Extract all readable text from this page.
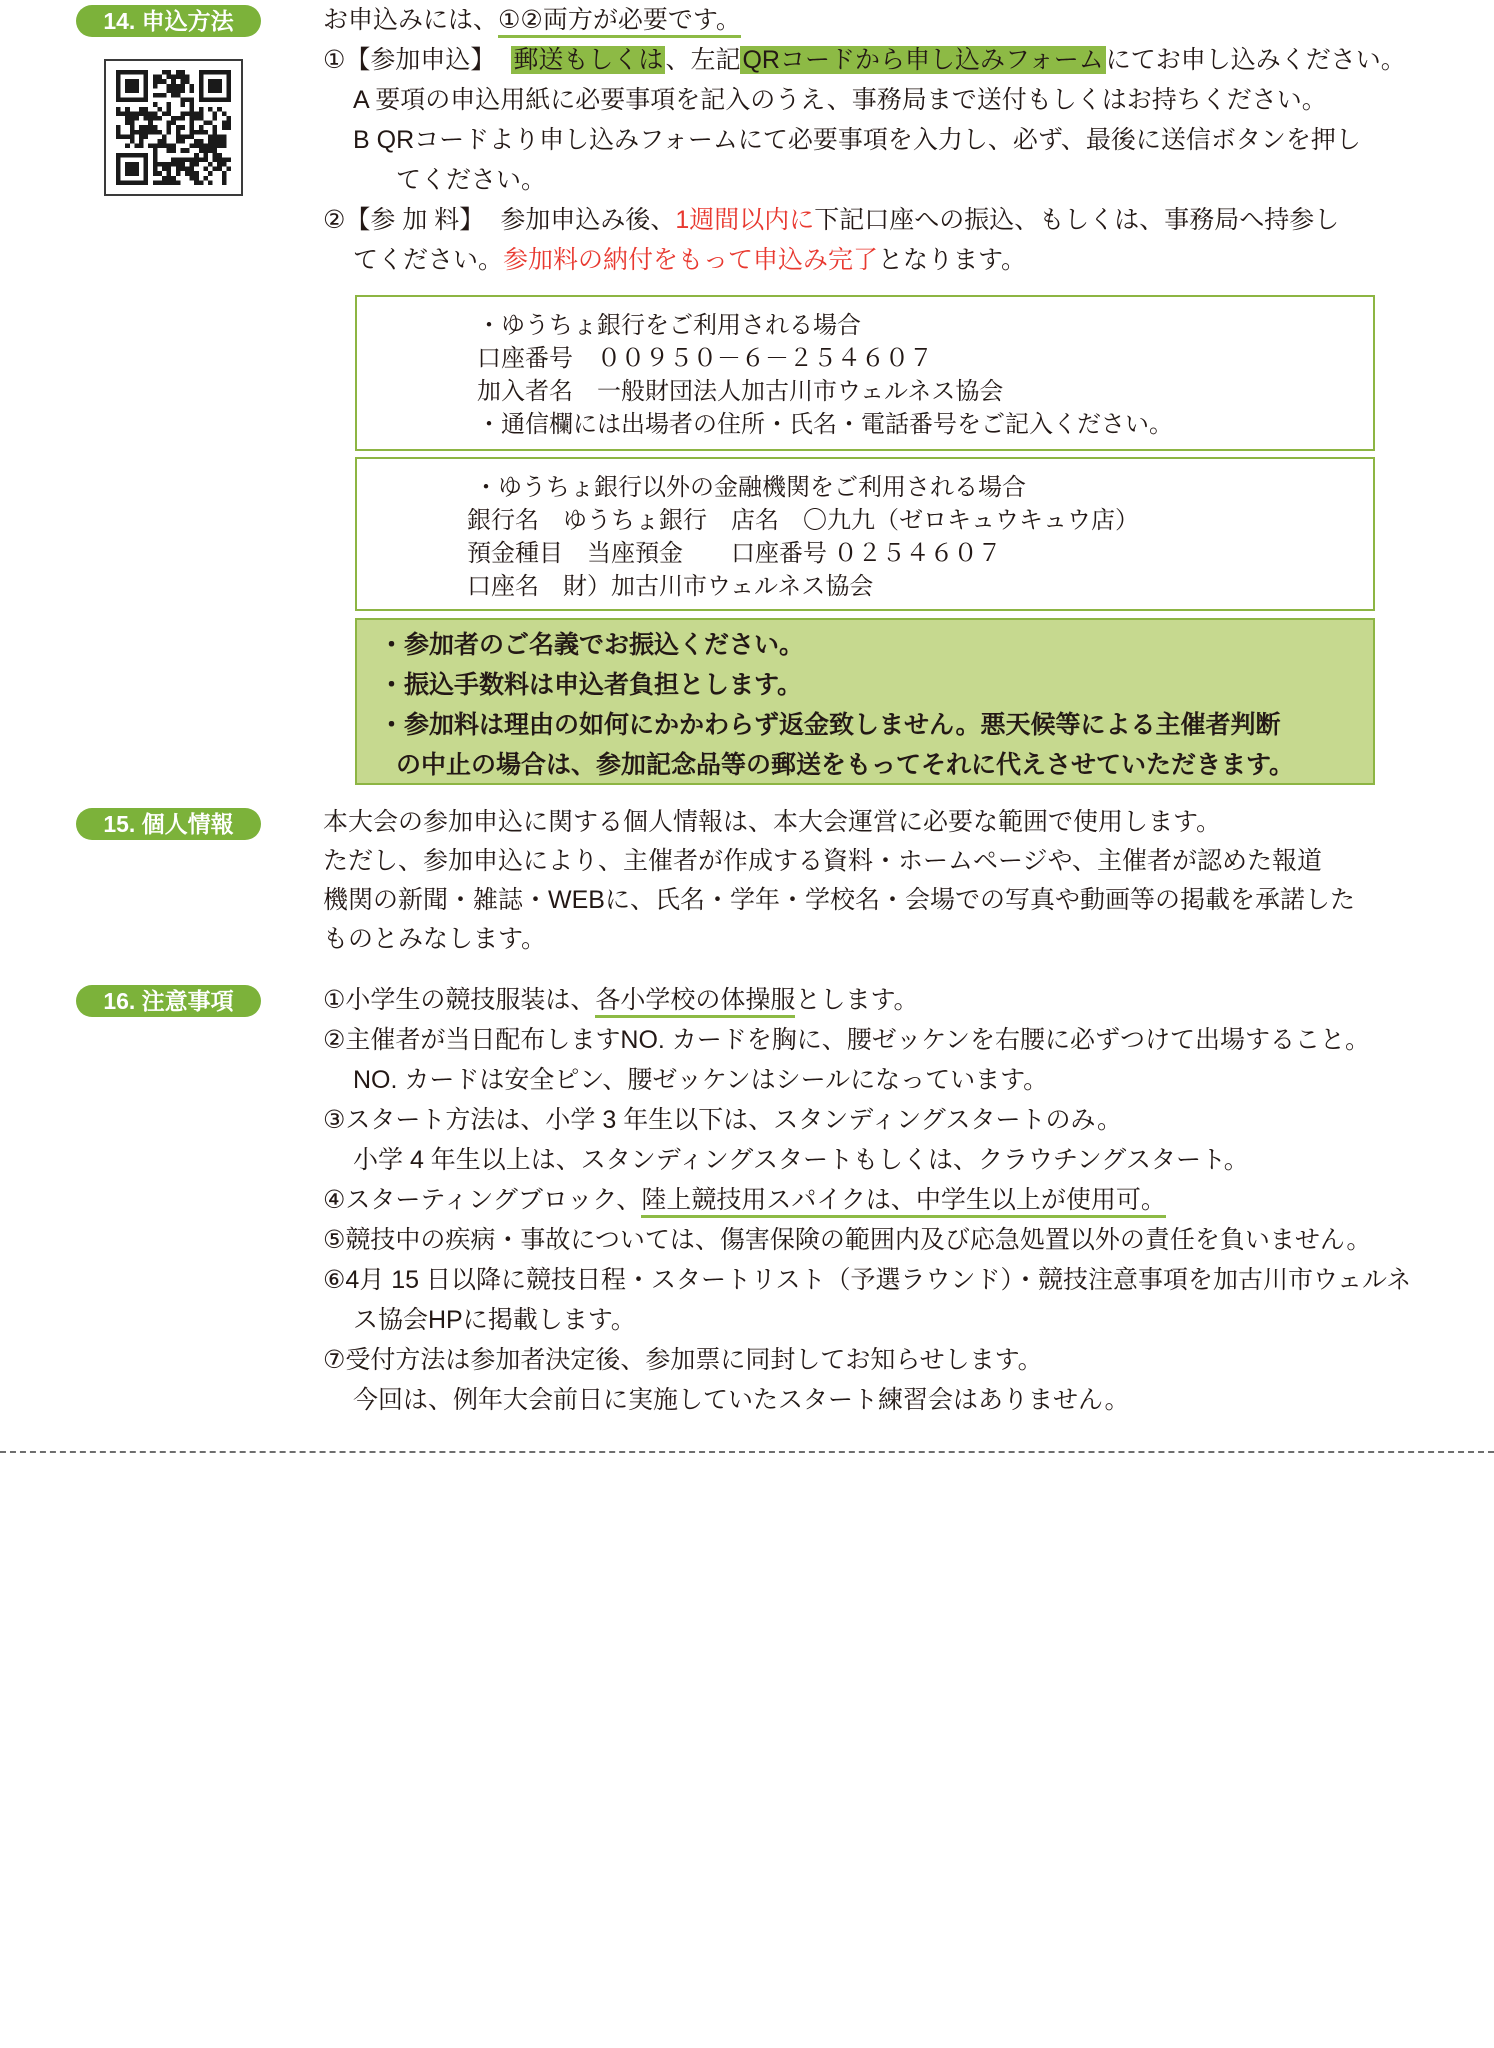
14. 申込方法	お申込みには、①②両方が必要です。
①【参加申込】 郵送もしくは、左記QRコードから申し込みフォームにてお申し込みください。
A 要項の申込用紙に必要事項を記入のうえ、事務局まで送付もしくはお持ちください。
B QRコードより申し込みフォームにて必要事項を入力し、必ず、最後に送信ボタンを押し
てください。
②【参 加 料】 参加申込み後、1週間以内に下記口座への振込、もしくは、事務局へ持参し
てください。参加料の納付をもって申込み完了となります。
・ゆうちょ銀行をご利用される場合
口座番号　００９５０－６－２５４６０７
加入者名　一般財団法人加古川市ウェルネス協会
・通信欄には出場者の住所・氏名・電話番号をご記入ください。
・ゆうちょ銀行以外の金融機関をご利用される場合
銀行名　ゆうちょ銀行　店名　〇九九（ゼロキュウキュウ店）
預金種目　当座預金　　口座番号 ０２５４６０７
口座名　財）加古川市ウェルネス協会
・参加者のご名義でお振込ください。
・振込手数料は申込者負担とします。
・参加料は理由の如何にかかわらず返金致しません。悪天候等による主催者判断
の中止の場合は、参加記念品等の郵送をもってそれに代えさせていただきます。
15. 個人情報	本大会の参加申込に関する個人情報は、本大会運営に必要な範囲で使用します。
ただし、参加申込により、主催者が作成する資料・ホームページや、主催者が認めた報道
機関の新聞・雑誌・WEBに、氏名・学年・学校名・会場での写真や動画等の掲載を承諾した
ものとみなします。
16. 注意事項	①小学生の競技服装は、各小学校の体操服とします。
②主催者が当日配布しますNO. カードを胸に、腰ゼッケンを右腰に必ずつけて出場すること。
NO. カードは安全ピン、腰ゼッケンはシールになっています。
③スタート方法は、小学 3 年生以下は、スタンディングスタートのみ。
小学 4 年生以上は、スタンディングスタートもしくは、クラウチングスタート。
④スターティングブロック、陸上競技用スパイクは、中学生以上が使用可。
⑤競技中の疾病・事故については、傷害保険の範囲内及び応急処置以外の責任を負いません。
⑥4月 15 日以降に競技日程・スタートリスト（予選ラウンド）・競技注意事項を加古川市ウェルネ
ス協会HPに掲載します。
⑦受付方法は参加者決定後、参加票に同封してお知らせします。
今回は、例年大会前日に実施していたスタート練習会はありません。
